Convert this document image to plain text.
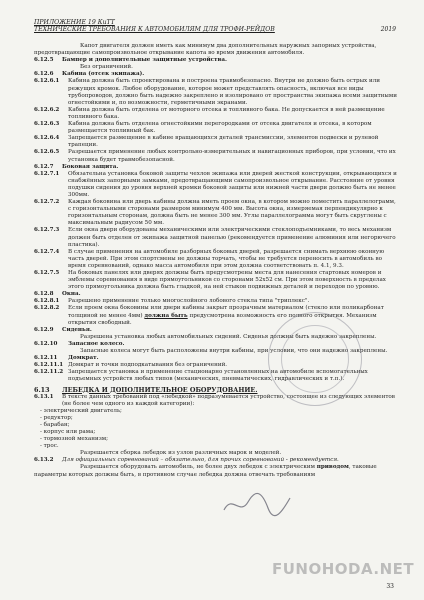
ПРИЛОЖЕНИЕ 19 КиТТ
ТЕХНИЧЕСКИЕ ТРЕБОВАНИЯ К АВТОМОБИЛЯМ ДЛЯ ТРОФИ-РЕЙДОВ	2019

Капот двигателя должен иметь как минимум два дополнительных наружных запорных устройства, предотвращающие самопроизвольное открывание капота во время движения автомобиля.

6.12.5	Бампер и дополнительные защитные устройства.

Без ограничений.

6.12.6	Кабина (отсек экипажа).
6.12.6.1	Кабина должна быть спроектирована и построена травмобезопасно. Внутри не должно быть острых или режущих кромок. Любое оборудование, которое может представлять опасность, включая все виды трубопроводов, должно быть надежно закреплено и изолировано от пространства экипажа всеми защитными огнестойкими и, по возможности, герметичными экранами.
6.12.6.2	Кабина должна быть отделена от моторного отсека и топливного бака. Не допускается в ней размещение топливного бака.
6.12.6.3	Кабина должна быть отделена огнестойкими перегородками от отсека двигателя и отсека, в котором размещается топливный бак.
6.12.6.4	Запрещается размещение в кабине вращающихся деталей трансмиссии, элементов подвески и рулевой трапеции.
6.12.6.5	Разрешается применение любых контрольно-измерительных и навигационных приборов, при условии, что их установка будет травмобезопасной.
6.12.7	Боковая защита.
6.12.7.1	Обязательна установка боковой защиты чехлов экипажа или дверей жесткой конструкции, открывающихся и снабжённых запорными замками, предотвращающими самопроизвольное открывание. Расстояние от уровня подушки сидения до уровня верхней кромки боковой защиты или нижней части двери должно быть не менее 300мм.
6.12.7.2	Каждая боковина или дверь кабины должна иметь проем окна, в котором можно поместить параллелограмм, с горизонтальными сторонами размером минимум 400 мм. Высота окна, измеряемая перпендикулярно к горизонтальным сторонам, должна быть не менее 300 мм. Углы параллелограмма могут быть скруглены с максимальным радиусом 50 мм.
6.12.7.3	Если окна двери оборудованы механическими или электрическими стеклоподъемниками, то весь механизм должен быть отделен от экипажа защитной панелью (рекомендуется применение алюминия или негорючего пластика).
6.12.7.4	В случае применения на автомобиле разборных боковых дверей, разрешается снимать верхнюю оконную часть дверей. При этом спортсмены не должны торчать, чтобы не требуется переносить в автомобиль во время соревнований, однако масса автомобиля при этом должна соответствовать п. 4.1, 9.3.
6.12.7.5	На боковых панелях или дверях должны быть предусмотрены места для нанесения стартовых номеров и эмблемы соревнования в виде прямоугольников со сторонами 52х52 см. При этом поверхность в пределах этого прямоугольника должна быть гладкой, на ней стыков подвижных деталей и переходов по уровню.
6.12.8	Окна.
6.12.8.1	Разрешено применение только многослойного лобового стекла типа "триплекс".
6.12.8.2	Если проем окна боковины или двери кабины закрыт прозрачным материалом (стекло или поликарбонат толщиной не менее 4мм) должна быть предусмотрена возможность его полного открытия. Механизм открытия свободный.
6.12.9	Сиденья.

Разрешена установка любых автомобильных сидений. Сиденья должны быть надежно закреплены.

6.12.10	Запасное колесо.

Запасные колеса могут быть расположены внутри кабины, при условии, что они надежно закреплены.

6.12.11	Домкрат.
6.12.11.1 Домкрат и точки подподкатывания без ограничений.
6.12.11.2 Запрещается установка и применение стационарно установленных на автомобиле вспомогательных подъемных устройств любых типов (механических, пневматических, гидравлических и т.п.).
6.13	ЛЕБЕДКА И ДОПОЛНИТЕЛЬНОЕ ОБОРУДОВАНИЕ.
6.13.1	В тексте данных требований под «лебедкой» подразумевается устройство, состоящее из следующих элементов (не более чем одного из каждой категории):
- электрический двигатель;
- редуктор;
- барабан;
- корпус или рама;
- тормозной механизм;
- трос.

Разрешается сборка лебедок из узлов различных марок и моделей.

6.13.2	Для официальных соревнований – обязательно, для прочих соревнований - рекомендуется.

Разрешается оборудовать автомобиль, не более двух лебедок с электрическим приводом, таковые параметры которых должны быть, в противном случае лебедка должна отвечать требованиям

FUNOHODA.NET
33
